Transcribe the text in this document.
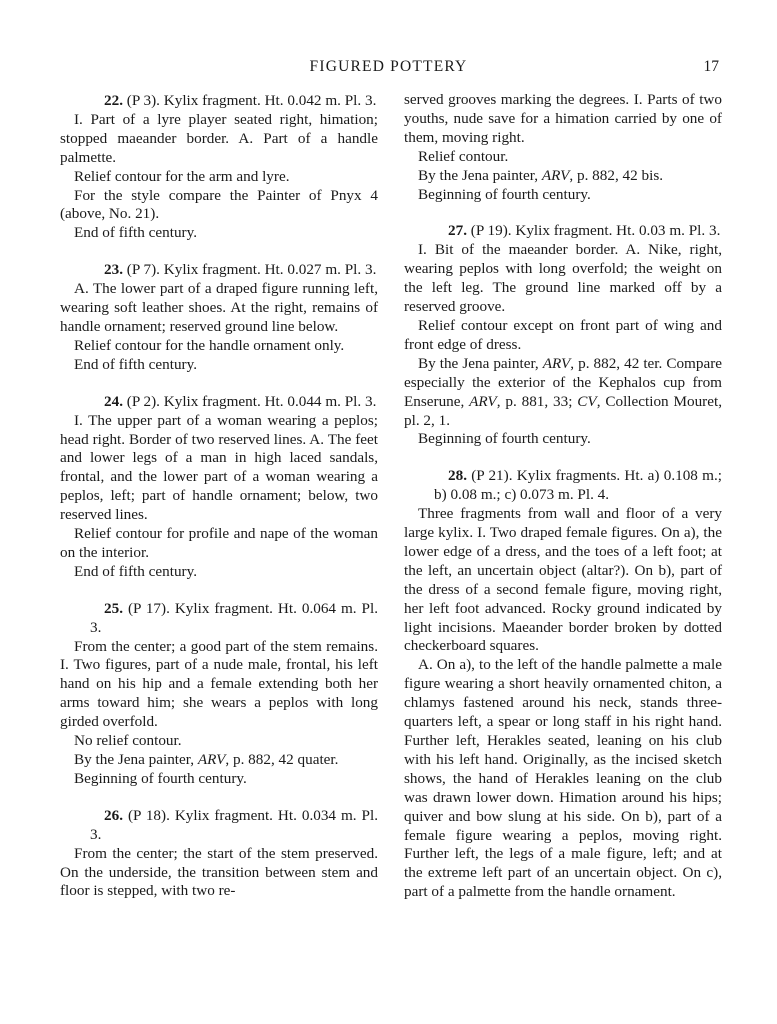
FIGURED POTTERY	17

22. (P 3). Kylix fragment. Ht. 0.042 m. Pl. 3.

I. Part of a lyre player seated right, himation; stopped maeander border. A. Part of a handle palmette.

Relief contour for the arm and lyre.

For the style compare the Painter of Pnyx 4 (above, No. 21).

End of fifth century.

23. (P 7). Kylix fragment. Ht. 0.027 m. Pl. 3.

A. The lower part of a draped figure running left, wearing soft leather shoes. At the right, remains of handle ornament; reserved ground line below.

Relief contour for the handle ornament only.

End of fifth century.

24. (P 2). Kylix fragment. Ht. 0.044 m. Pl. 3.

I. The upper part of a woman wearing a peplos; head right. Border of two reserved lines. A. The feet and lower legs of a man in high laced sandals, frontal, and the lower part of a woman wearing a peplos, left; part of handle ornament; below, two reserved lines.

Relief contour for profile and nape of the woman on the interior.

End of fifth century.

25. (P 17). Kylix fragment. Ht. 0.064 m. Pl. 3.

From the center; a good part of the stem remains. I. Two figures, part of a nude male, frontal, his left hand on his hip and a female extending both her arms toward him; she wears a peplos with long girded overfold.

No relief contour.

By the Jena painter, ARV, p. 882, 42 quater.

Beginning of fourth century.

26. (P 18). Kylix fragment. Ht. 0.034 m. Pl. 3.

From the center; the start of the stem preserved. On the underside, the transition between stem and floor is stepped, with two re-

served grooves marking the degrees. I. Parts of two youths, nude save for a himation carried by one of them, moving right.

Relief contour.

By the Jena painter, ARV, p. 882, 42 bis.

Beginning of fourth century.

27. (P 19). Kylix fragment. Ht. 0.03 m. Pl. 3.

I. Bit of the maeander border. A. Nike, right, wearing peplos with long overfold; the weight on the left leg. The ground line marked off by a reserved groove.

Relief contour except on front part of wing and front edge of dress.

By the Jena painter, ARV, p. 882, 42 ter. Compare especially the exterior of the Kephalos cup from Enserune, ARV, p. 881, 33; CV, Collection Mouret, pl. 2, 1.

Beginning of fourth century.

28. (P 21). Kylix fragments. Ht. a) 0.108 m.; b) 0.08 m.; c) 0.073 m. Pl. 4.

Three fragments from wall and floor of a very large kylix. I. Two draped female figures. On a), the lower edge of a dress, and the toes of a left foot; at the left, an uncertain object (altar?). On b), part of the dress of a second female figure, moving right, her left foot advanced. Rocky ground indicated by light incisions. Maeander border broken by dotted checkerboard squares.

A. On a), to the left of the handle palmette a male figure wearing a short heavily ornamented chiton, a chlamys fastened around his neck, stands three-quarters left, a spear or long staff in his right hand. Further left, Herakles seated, leaning on his club with his left hand. Originally, as the incised sketch shows, the hand of Herakles leaning on the club was drawn lower down. Himation around his hips; quiver and bow slung at his side. On b), part of a female figure wearing a peplos, moving right. Further left, the legs of a male figure, left; and at the extreme left part of an uncertain object. On c), part of a palmette from the handle ornament.
